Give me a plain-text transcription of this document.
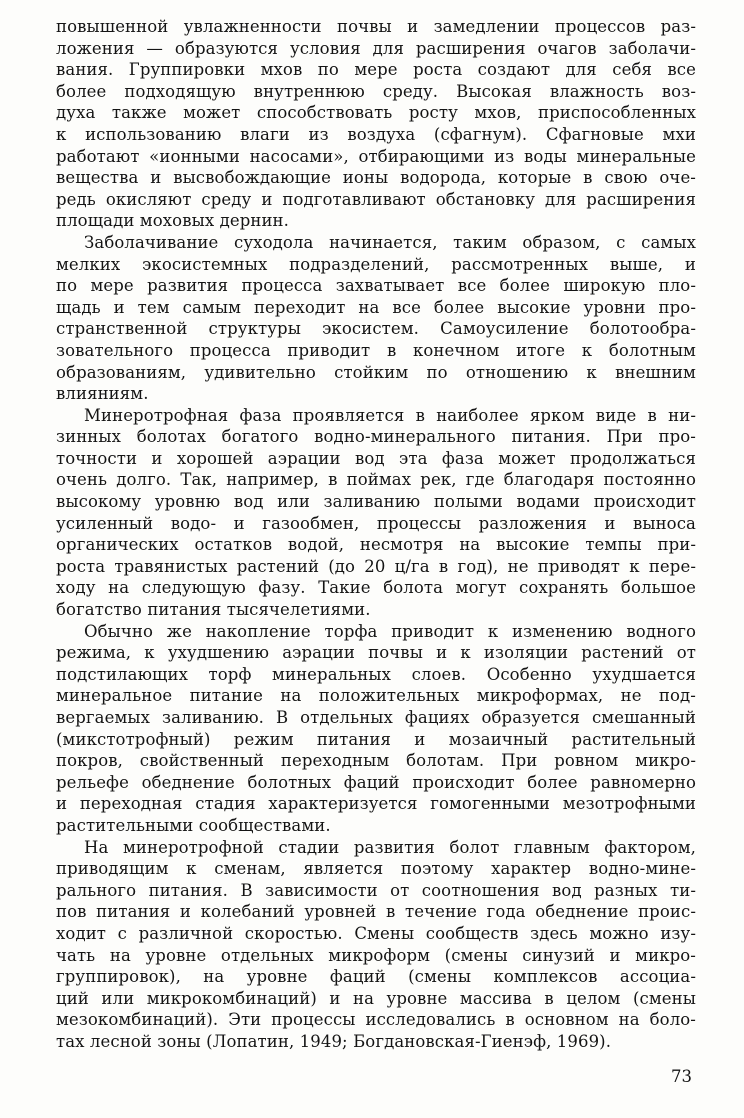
повышенной увлажненности почвы и замедлении процессов раз-
ложения — образуются условия для расширения очагов заболачи-
вания. Группировки мхов по мере роста создают для себя все
более подходящую внутреннюю среду. Высокая влажность воз-
духа также может способствовать росту мхов, приспособленных
к использованию влаги из воздуха (сфагнум). Сфагновые мхи
работают «ионными насосами», отбирающими из воды минеральные
вещества и высвобождающие ионы водорода, которые в свою оче-
редь окисляют среду и подготавливают обстановку для расширения
площади моховых дернин.
Заболачивание суходола начинается, таким образом, с самых
мелких экосистемных подразделений, рассмотренных выше, и
по мере развития процесса захватывает все более широкую пло-
щадь и тем самым переходит на все более высокие уровни про-
странственной структуры экосистем. Самоусиление болотообра-
зовательного процесса приводит в конечном итоге к болотным
образованиям, удивительно стойким по отношению к внешним
влияниям.
Минеротрофная фаза проявляется в наиболее ярком виде в ни-
зинных болотах богатого водно-минерального питания. При про-
точности и хорошей аэрации вод эта фаза может продолжаться
очень долго. Так, например, в поймах рек, где благодаря постоянно
высокому уровню вод или заливанию полыми водами происходит
усиленный водо- и газообмен, процессы разложения и выноса
органических остатков водой, несмотря на высокие темпы при-
роста травянистых растений (до 20 ц/га в год), не приводят к пере-
ходу на следующую фазу. Такие болота могут сохранять большое
богатство питания тысячелетиями.
Обычно же накопление торфа приводит к изменению водного
режима, к ухудшению аэрации почвы и к изоляции растений от
подстилающих торф минеральных слоев. Особенно ухудшается
минеральное питание на положительных микроформах, не под-
вергаемых заливанию. В отдельных фациях образуется смешанный
(микстотрофный) режим питания и мозаичный растительный
покров, свойственный переходным болотам. При ровном микро-
рельефе обеднение болотных фаций происходит более равномерно
и переходная стадия характеризуется гомогенными мезотрофными
растительными сообществами.
На минеротрофной стадии развития болот главным фактором,
приводящим к сменам, является поэтому характер водно-мине-
рального питания. В зависимости от соотношения вод разных ти-
пов питания и колебаний уровней в течение года обеднение проис-
ходит с различной скоростью. Смены сообществ здесь можно изу-
чать на уровне отдельных микроформ (смены синузий и микро-
группировок), на уровне фаций (смены комплексов ассоциа-
ций или микрокомбинаций) и на уровне массива в целом (смены
мезокомбинаций). Эти процессы исследовались в основном на боло-
тах лесной зоны (Лопатин, 1949; Богдановская-Гиенэф, 1969).
73
